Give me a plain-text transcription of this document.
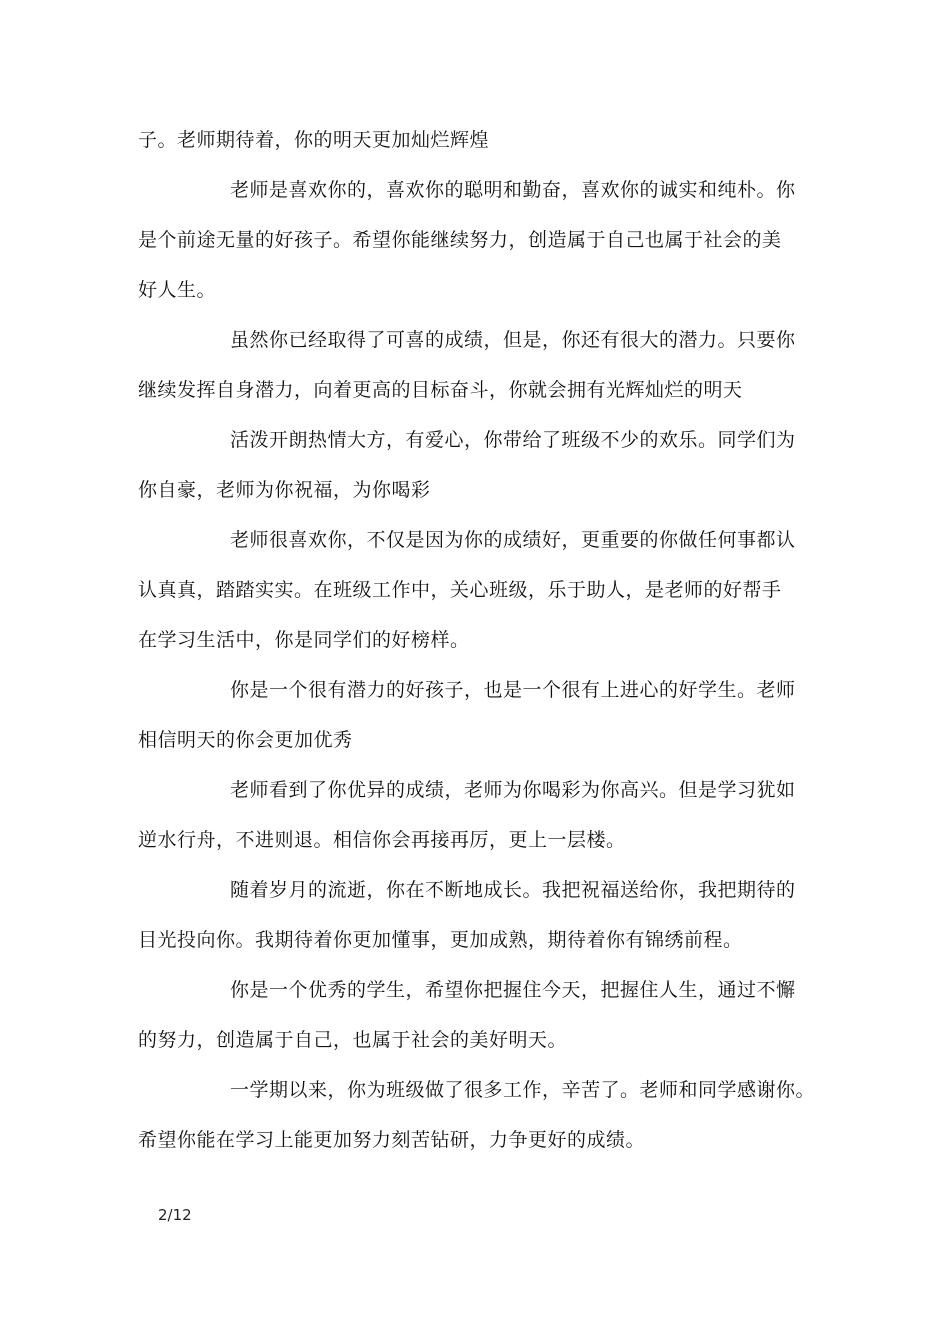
子。老师期待着，你的明天更加灿烂辉煌
老师是喜欢你的，喜欢你的聪明和勤奋，喜欢你的诚实和纯朴。你
是个前途无量的好孩子。希望你能继续努力，创造属于自己也属于社会的美
好人生。
虽然你已经取得了可喜的成绩，但是，你还有很大的潜力。只要你
继续发挥自身潜力，向着更高的目标奋斗，你就会拥有光辉灿烂的明天
活泼开朗热情大方，有爱心，你带给了班级不少的欢乐。同学们为
你自豪，老师为你祝福，为你喝彩
老师很喜欢你，不仅是因为你的成绩好，更重要的你做任何事都认
认真真，踏踏实实。在班级工作中，关心班级，乐于助人，是老师的好帮手
在学习生活中，你是同学们的好榜样。
你是一个很有潜力的好孩子，也是一个很有上进心的好学生。老师
相信明天的你会更加优秀
老师看到了你优异的成绩，老师为你喝彩为你高兴。但是学习犹如
逆水行舟，不进则退。相信你会再接再厉，更上一层楼。
随着岁月的流逝，你在不断地成长。我把祝福送给你，我把期待的
目光投向你。我期待着你更加懂事，更加成熟，期待着你有锦绣前程。
你是一个优秀的学生，希望你把握住今天，把握住人生，通过不懈
的努力，创造属于自己，也属于社会的美好明天。
一学期以来，你为班级做了很多工作，辛苦了。老师和同学感谢你。
希望你能在学习上能更加努力刻苦钻研，力争更好的成绩。
2/12
